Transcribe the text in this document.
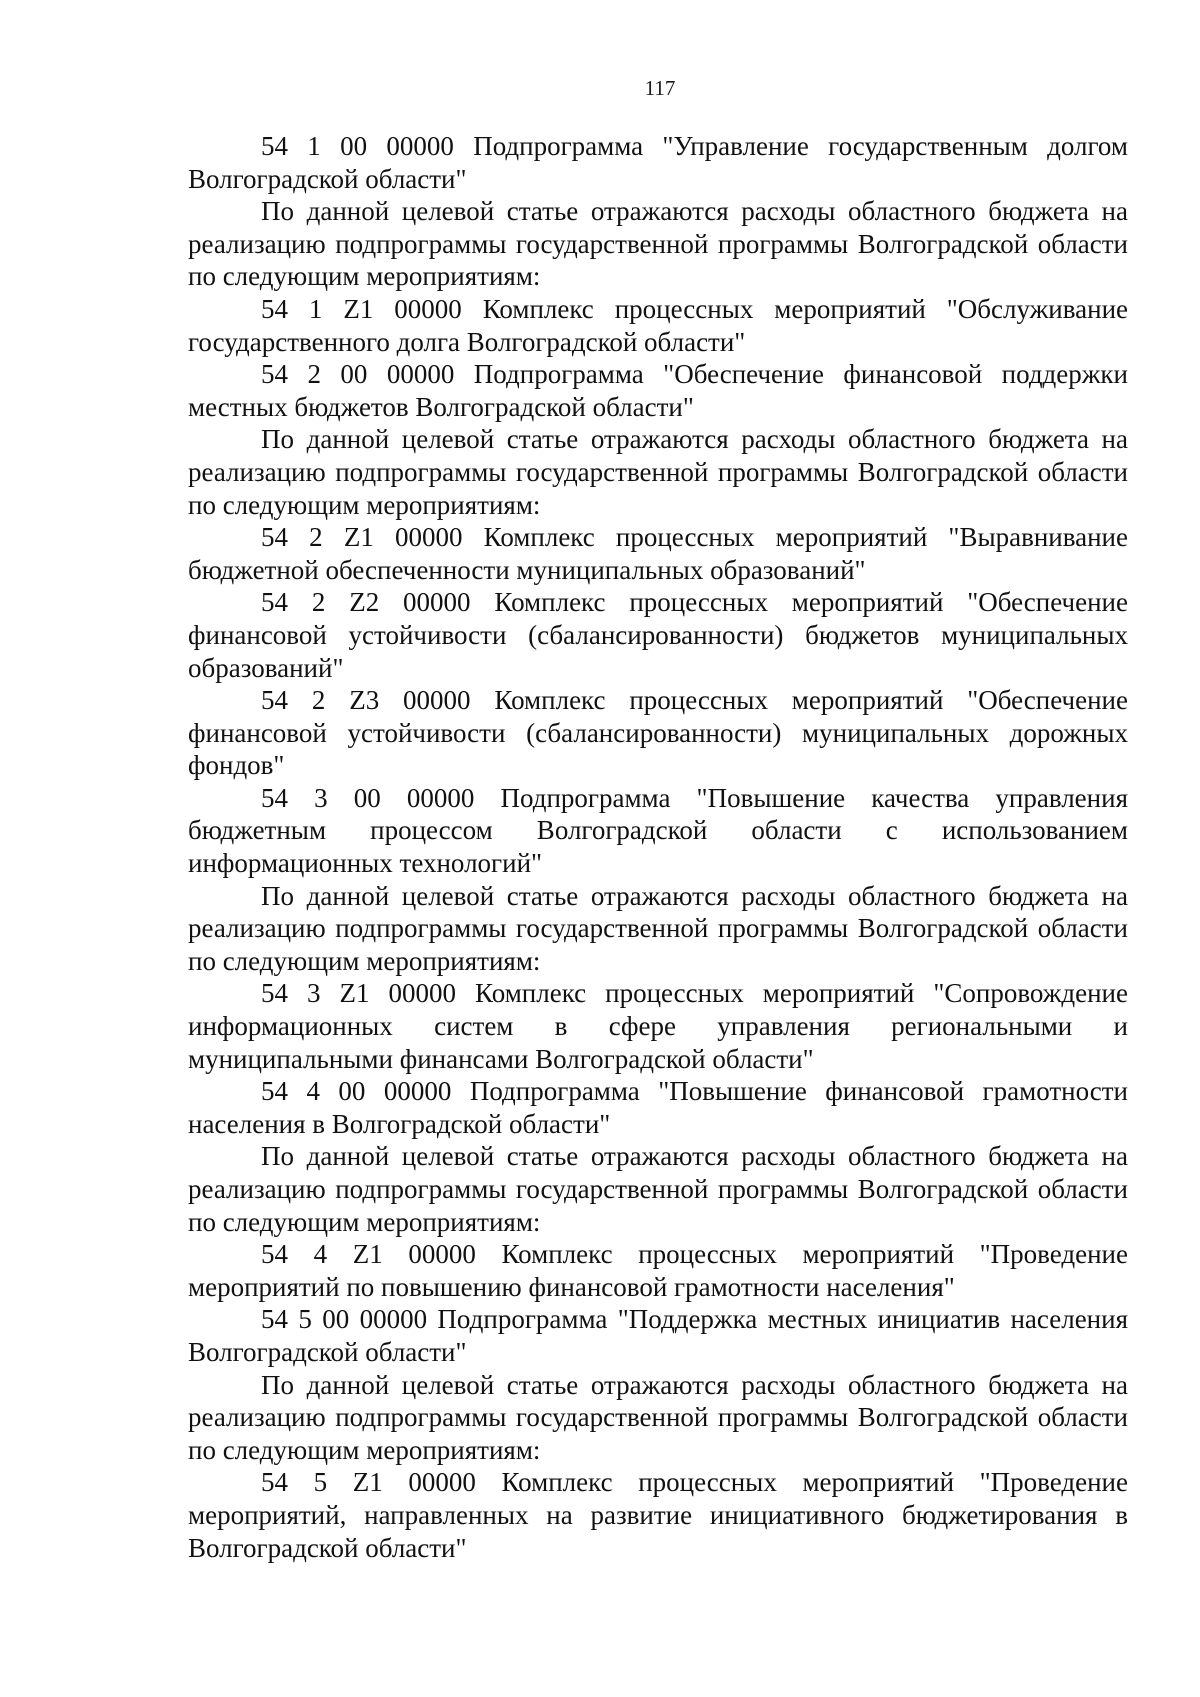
117

54 1 00 00000 Подпрограмма "Управление государственным долгом Волгоградской области"

По данной целевой статье отражаются расходы областного бюджета на реализацию подпрограммы государственной программы Волгоградской области по следующим мероприятиям:

54 1 Z1 00000 Комплекс процессных мероприятий "Обслуживание государственного долга Волгоградской области"

54 2 00 00000 Подпрограмма "Обеспечение финансовой поддержки местных бюджетов Волгоградской области"

По данной целевой статье отражаются расходы областного бюджета на реализацию подпрограммы государственной программы Волгоградской области по следующим мероприятиям:

54 2 Z1 00000 Комплекс процессных мероприятий "Выравнивание бюджетной обеспеченности муниципальных образований"

54 2 Z2 00000 Комплекс процессных мероприятий "Обеспечение финансовой устойчивости (сбалансированности) бюджетов муниципальных образований"

54 2 Z3 00000 Комплекс процессных мероприятий "Обеспечение финансовой устойчивости (сбалансированности) муниципальных дорожных фондов"

54 3 00 00000 Подпрограмма "Повышение качества управления бюджетным процессом Волгоградской области с использованием информационных технологий"

По данной целевой статье отражаются расходы областного бюджета на реализацию подпрограммы государственной программы Волгоградской области по следующим мероприятиям:

54 3 Z1 00000 Комплекс процессных мероприятий "Сопровождение информационных систем в сфере управления региональными и муниципальными финансами Волгоградской области"

54 4 00 00000 Подпрограмма "Повышение финансовой грамотности населения в Волгоградской области"

По данной целевой статье отражаются расходы областного бюджета на реализацию подпрограммы государственной программы Волгоградской области по следующим мероприятиям:

54 4 Z1 00000 Комплекс процессных мероприятий "Проведение мероприятий по повышению финансовой грамотности населения"

54 5 00 00000 Подпрограмма "Поддержка местных инициатив населения Волгоградской области"

По данной целевой статье отражаются расходы областного бюджета на реализацию подпрограммы государственной программы Волгоградской области по следующим мероприятиям:

54 5 Z1 00000 Комплекс процессных мероприятий "Проведение мероприятий, направленных на развитие инициативного бюджетирования в Волгоградской области"
